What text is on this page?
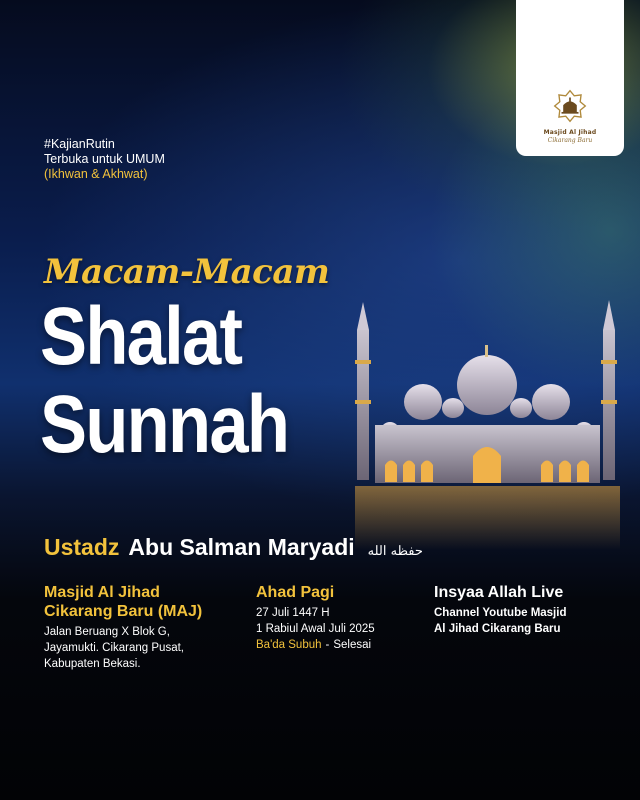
Masjid Al Jihad
Cikarang Baru
#KajianRutin
Terbuka untuk UMUM
(Ikhwan & Akhwat)
Macam-Macam
Shalat
Sunnah
Ustadz Abu Salman Maryadi حفظه الله
Masjid Al Jihad
Cikarang Baru (MAJ)
Jalan Beruang X Blok G,
Jayamukti. Cikarang Pusat,
Kabupaten Bekasi.
Ahad Pagi
27 Juli 1447 H
1 Rabiul Awal Juli 2025
Ba'da Subuh - Selesai
Insyaa Allah Live
Channel Youtube Masjid
Al Jihad Cikarang Baru
